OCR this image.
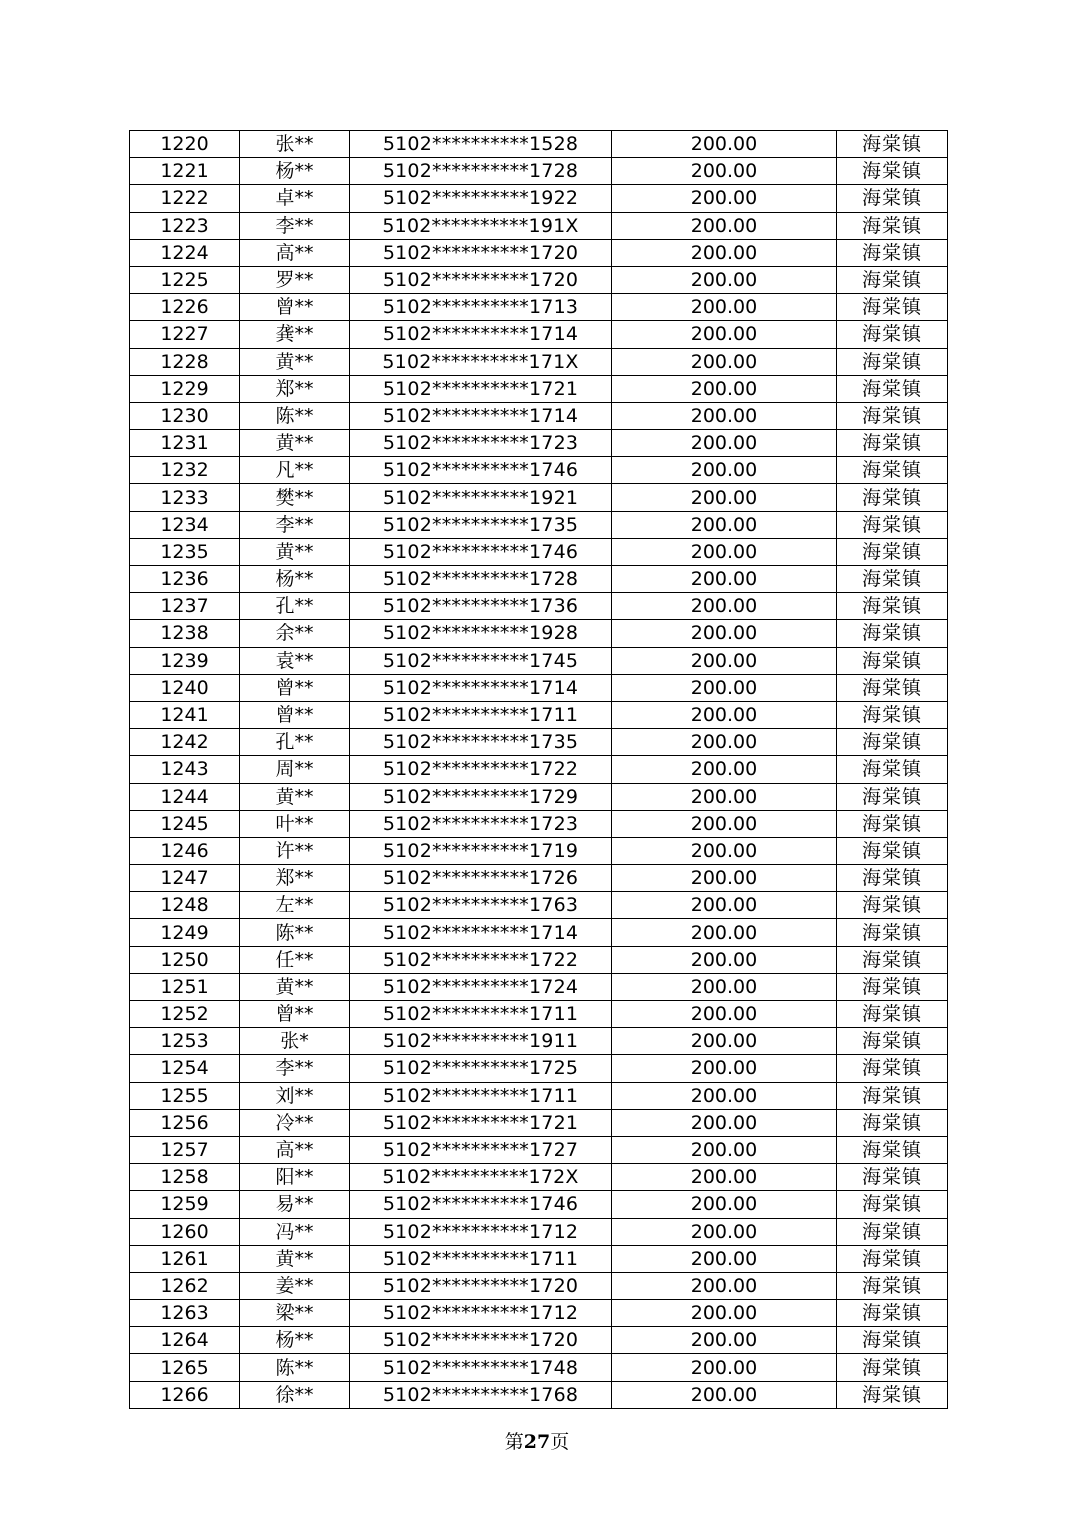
1220	张**	5102**********1528	200.00	海棠镇
1221	杨**	5102**********1728	200.00	海棠镇
1222	卓**	5102**********1922	200.00	海棠镇
1223	李**	5102**********191X	200.00	海棠镇
1224	高**	5102**********1720	200.00	海棠镇
1225	罗**	5102**********1720	200.00	海棠镇
1226	曾**	5102**********1713	200.00	海棠镇
1227	龚**	5102**********1714	200.00	海棠镇
1228	黄**	5102**********171X	200.00	海棠镇
1229	郑**	5102**********1721	200.00	海棠镇
1230	陈**	5102**********1714	200.00	海棠镇
1231	黄**	5102**********1723	200.00	海棠镇
1232	凡**	5102**********1746	200.00	海棠镇
1233	樊**	5102**********1921	200.00	海棠镇
1234	李**	5102**********1735	200.00	海棠镇
1235	黄**	5102**********1746	200.00	海棠镇
1236	杨**	5102**********1728	200.00	海棠镇
1237	孔**	5102**********1736	200.00	海棠镇
1238	余**	5102**********1928	200.00	海棠镇
1239	袁**	5102**********1745	200.00	海棠镇
1240	曾**	5102**********1714	200.00	海棠镇
1241	曾**	5102**********1711	200.00	海棠镇
1242	孔**	5102**********1735	200.00	海棠镇
1243	周**	5102**********1722	200.00	海棠镇
1244	黄**	5102**********1729	200.00	海棠镇
1245	叶**	5102**********1723	200.00	海棠镇
1246	许**	5102**********1719	200.00	海棠镇
1247	郑**	5102**********1726	200.00	海棠镇
1248	左**	5102**********1763	200.00	海棠镇
1249	陈**	5102**********1714	200.00	海棠镇
1250	任**	5102**********1722	200.00	海棠镇
1251	黄**	5102**********1724	200.00	海棠镇
1252	曾**	5102**********1711	200.00	海棠镇
1253	张*	5102**********1911	200.00	海棠镇
1254	李**	5102**********1725	200.00	海棠镇
1255	刘**	5102**********1711	200.00	海棠镇
1256	冷**	5102**********1721	200.00	海棠镇
1257	高**	5102**********1727	200.00	海棠镇
1258	阳**	5102**********172X	200.00	海棠镇
1259	易**	5102**********1746	200.00	海棠镇
1260	冯**	5102**********1712	200.00	海棠镇
1261	黄**	5102**********1711	200.00	海棠镇
1262	姜**	5102**********1720	200.00	海棠镇
1263	梁**	5102**********1712	200.00	海棠镇
1264	杨**	5102**********1720	200.00	海棠镇
1265	陈**	5102**********1748	200.00	海棠镇
1266	徐**	5102**********1768	200.00	海棠镇
第27页
